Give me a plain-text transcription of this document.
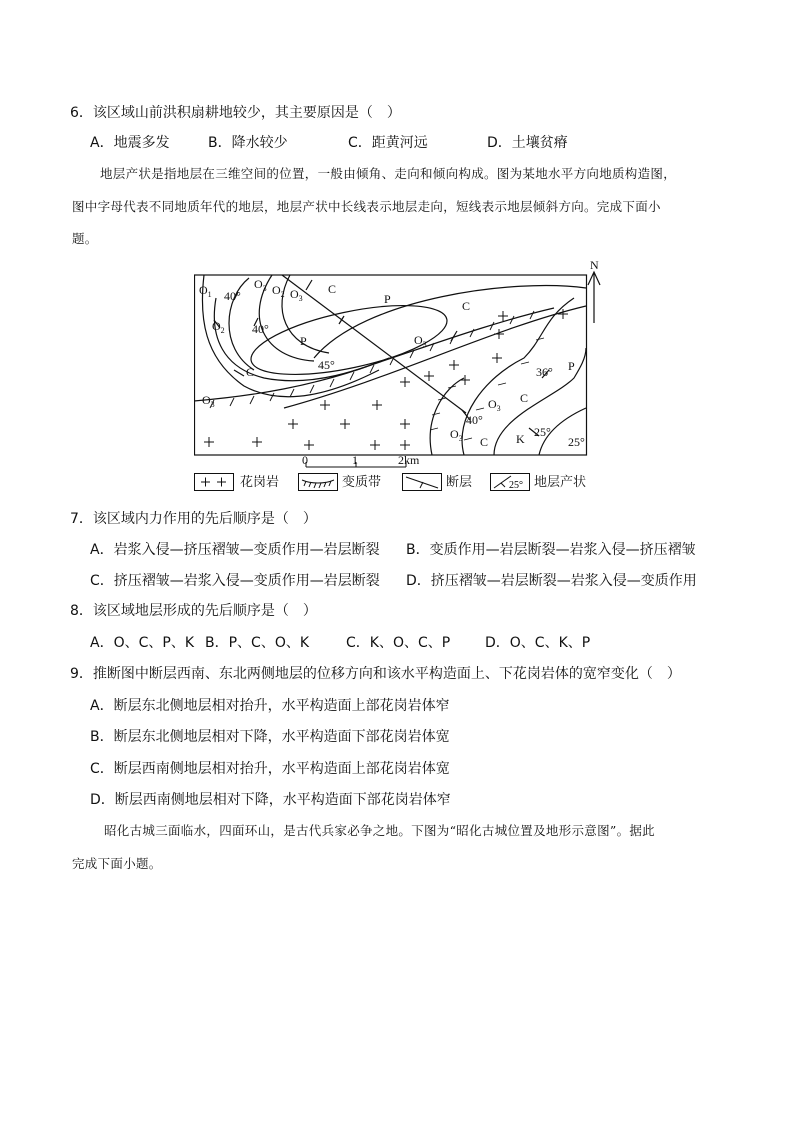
6．该区域山前洪积扇耕地较少，其主要原因是（　）
A．地震多发	B．降水较少	C．距黄河远	D．土壤贫瘠
地层产状是指地层在三维空间的位置，一般由倾角、走向和倾向构成。图为某地水平方向地质构造图，
图中字母代表不同地质年代的地层，地层产状中长线表示地层走向，短线表示地层倾斜方向。完成下面小
题。
$O_1$ 40°
$O_3$ $O_2$ $O_3$
C
P
$O_2$ 40°
P
C
45°
C
$O_3$
$O_3$
36° P
C
$O_3$
40°
$O_3$ C K 25°
25°
N
0	1	2km
花岗岩	变质带	断层	25° 地层产状
7．该区域内力作用的先后顺序是（　）
A．岩浆入侵—挤压褶皱—变质作用—岩层断裂 B．变质作用—岩层断裂—岩浆入侵—挤压褶皱
C．挤压褶皱—岩浆入侵—变质作用—岩层断裂 D．挤压褶皱—岩层断裂—岩浆入侵—变质作用
8．该区域地层形成的先后顺序是（　）
A．O、C、P、K B．P、C、O、K	C．K、O、C、P D．O、C、K、P
9．推断图中断层西南、东北两侧地层的位移方向和该水平构造面上、下花岗岩体的宽窄变化（　）
A．断层东北侧地层相对抬升，水平构造面上部花岗岩体窄
B．断层东北侧地层相对下降，水平构造面下部花岗岩体宽
C．断层西南侧地层相对抬升，水平构造面上部花岗岩体宽
D．断层西南侧地层相对下降，水平构造面下部花岗岩体窄
昭化古城三面临水，四面环山，是古代兵家必争之地。下图为“昭化古城位置及地形示意图”。据此
完成下面小题。
